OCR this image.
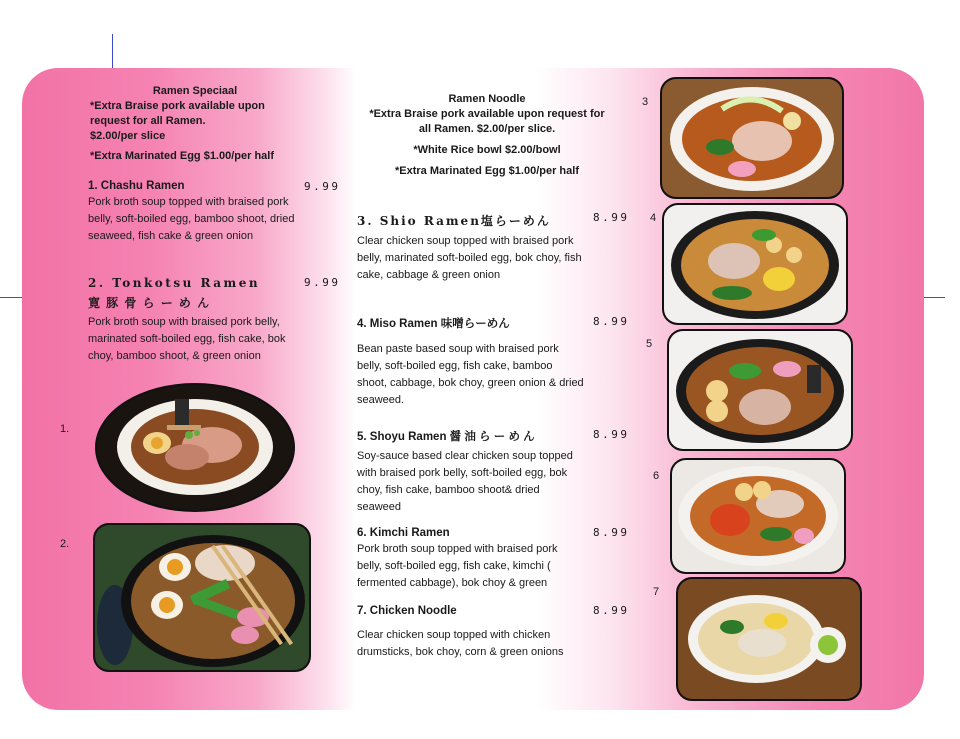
Ramen Speciaal
*Extra Braise pork available upon
request for all Ramen.
$2.00/per slice
*Extra Marinated Egg $1.00/per half
1. Chashu Ramen
Pork broth soup topped with braised pork belly, soft-boiled egg, bamboo shoot, dried seaweed, fish cake & green onion
9.99
2. Tonkotsu Ramen
寛 豚 骨 ら ー め ん
Pork broth soup with braised pork belly, marinated soft-boiled egg, fish cake, bok choy, bamboo shoot, & green onion
9.99
1.
2.
Ramen Noodle
*Extra Braise pork available upon request for
all Ramen. $2.00/per slice.
*White Rice bowl $2.00/bowl
*Extra Marinated Egg $1.00/per half
3. Shio Ramen塩らーめん
Clear chicken soup topped with braised pork belly, marinated soft-boiled egg, bok choy, fish cake, cabbage & green onion
8.99
4. Miso Ramen 味噌らーめん
Bean paste based soup with braised pork belly, soft-boiled egg, fish cake, bamboo shoot, cabbage, bok choy, green onion & dried seaweed.
8.99
5. Shoyu Ramen 醤 油 ら ー め ん
Soy-sauce based clear chicken soup topped with braised pork belly, soft-boiled egg, bok choy, fish cake, bamboo shoot& dried seaweed
8.99
6. Kimchi Ramen
Pork broth soup topped with braised pork belly, soft-boiled egg, fish cake, kimchi ( fermented cabbage), bok choy & green
8.99
7. Chicken Noodle
Clear chicken soup topped with chicken drumsticks, bok choy, corn & green onions
8.99
3
4
5
6
7
